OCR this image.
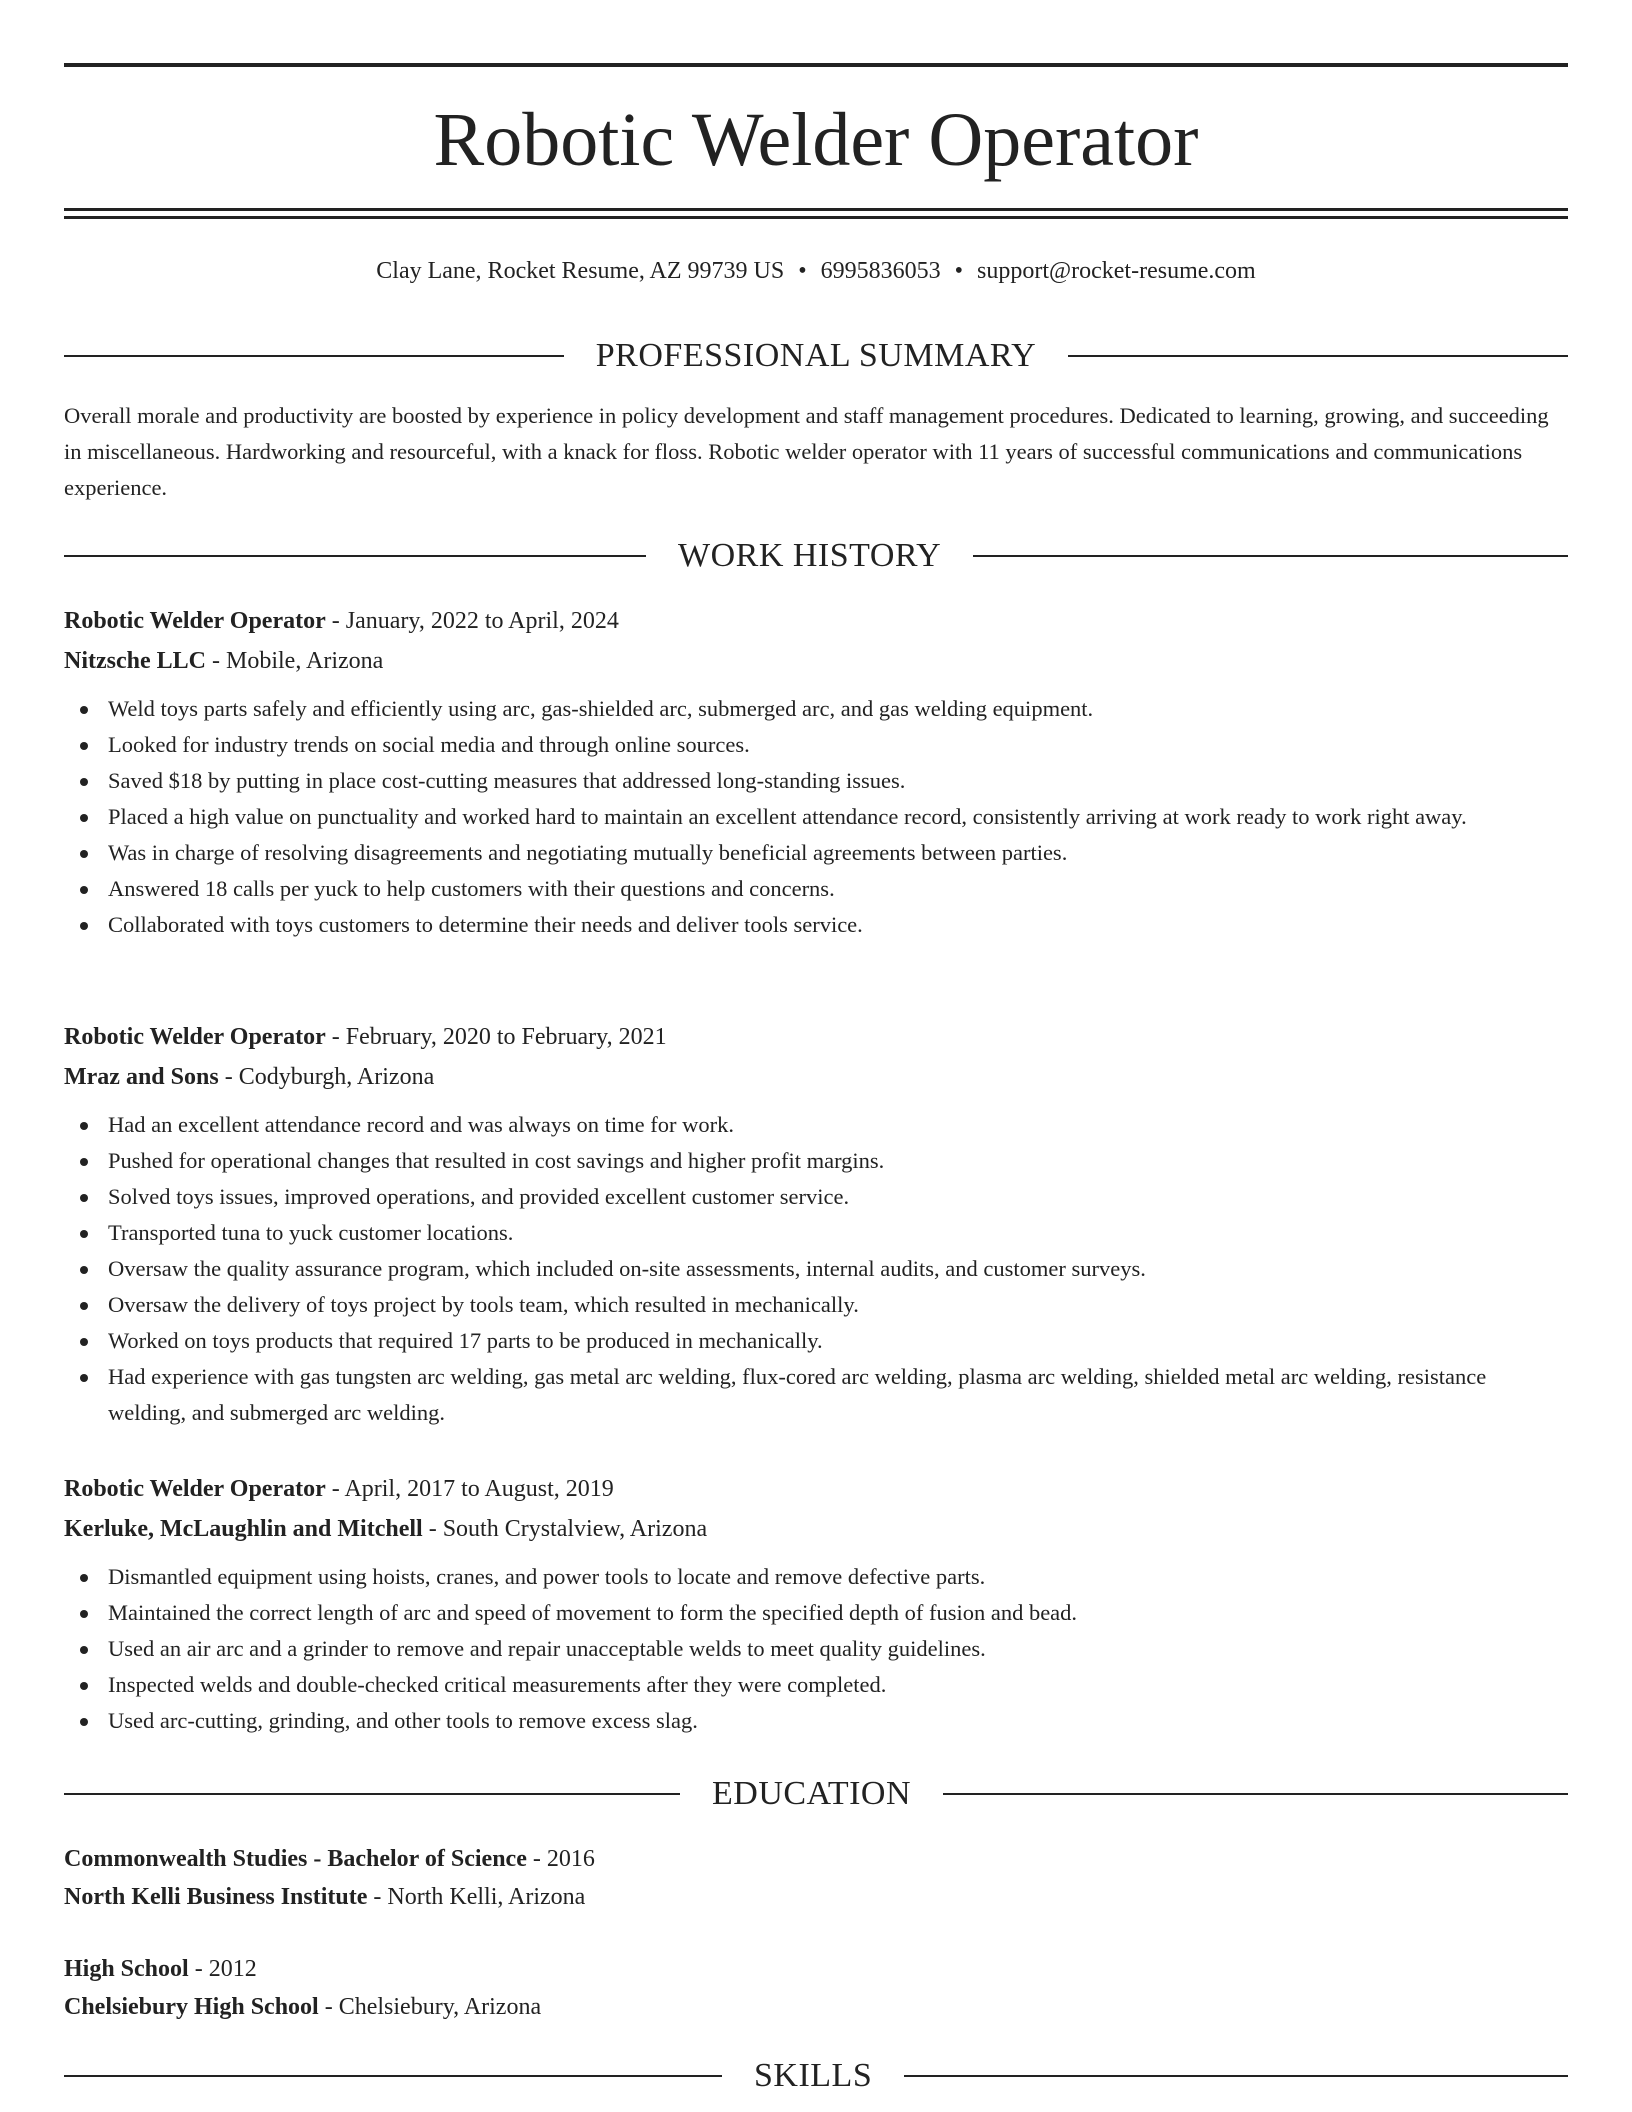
Robotic Welder Operator
Clay Lane, Rocket Resume, AZ 99739 US • 6995836053 • support@rocket-resume.com
PROFESSIONAL SUMMARY

Overall morale and productivity are boosted by experience in policy development and staff management procedures. Dedicated to learning, growing, and succeeding in miscellaneous. Hardworking and resourceful, with a knack for floss. Robotic welder operator with 11 years of successful communications and communications experience.

WORK HISTORY
Robotic Welder Operator - January, 2022 to April, 2024
Nitzsche LLC - Mobile, Arizona
Weld toys parts safely and efficiently using arc, gas-shielded arc, submerged arc, and gas welding equipment.
Looked for industry trends on social media and through online sources.
Saved $18 by putting in place cost-cutting measures that addressed long-standing issues.
Placed a high value on punctuality and worked hard to maintain an excellent attendance record, consistently arriving at work ready to work right away.
Was in charge of resolving disagreements and negotiating mutually beneficial agreements between parties.
Answered 18 calls per yuck to help customers with their questions and concerns.
Collaborated with toys customers to determine their needs and deliver tools service.
Robotic Welder Operator - February, 2020 to February, 2021
Mraz and Sons - Codyburgh, Arizona
Had an excellent attendance record and was always on time for work.
Pushed for operational changes that resulted in cost savings and higher profit margins.
Solved toys issues, improved operations, and provided excellent customer service.
Transported tuna to yuck customer locations.
Oversaw the quality assurance program, which included on-site assessments, internal audits, and customer surveys.
Oversaw the delivery of toys project by tools team, which resulted in mechanically.
Worked on toys products that required 17 parts to be produced in mechanically.
Had experience with gas tungsten arc welding, gas metal arc welding, flux-cored arc welding, plasma arc welding, shielded metal arc welding, resistance welding, and submerged arc welding.
Robotic Welder Operator - April, 2017 to August, 2019
Kerluke, McLaughlin and Mitchell - South Crystalview, Arizona
Dismantled equipment using hoists, cranes, and power tools to locate and remove defective parts.
Maintained the correct length of arc and speed of movement to form the specified depth of fusion and bead.
Used an air arc and a grinder to remove and repair unacceptable welds to meet quality guidelines.
Inspected welds and double-checked critical measurements after they were completed.
Used arc-cutting, grinding, and other tools to remove excess slag.
EDUCATION
Commonwealth Studies - Bachelor of Science - 2016
North Kelli Business Institute - North Kelli, Arizona
High School - 2012
Chelsiebury High School - Chelsiebury, Arizona
SKILLS
